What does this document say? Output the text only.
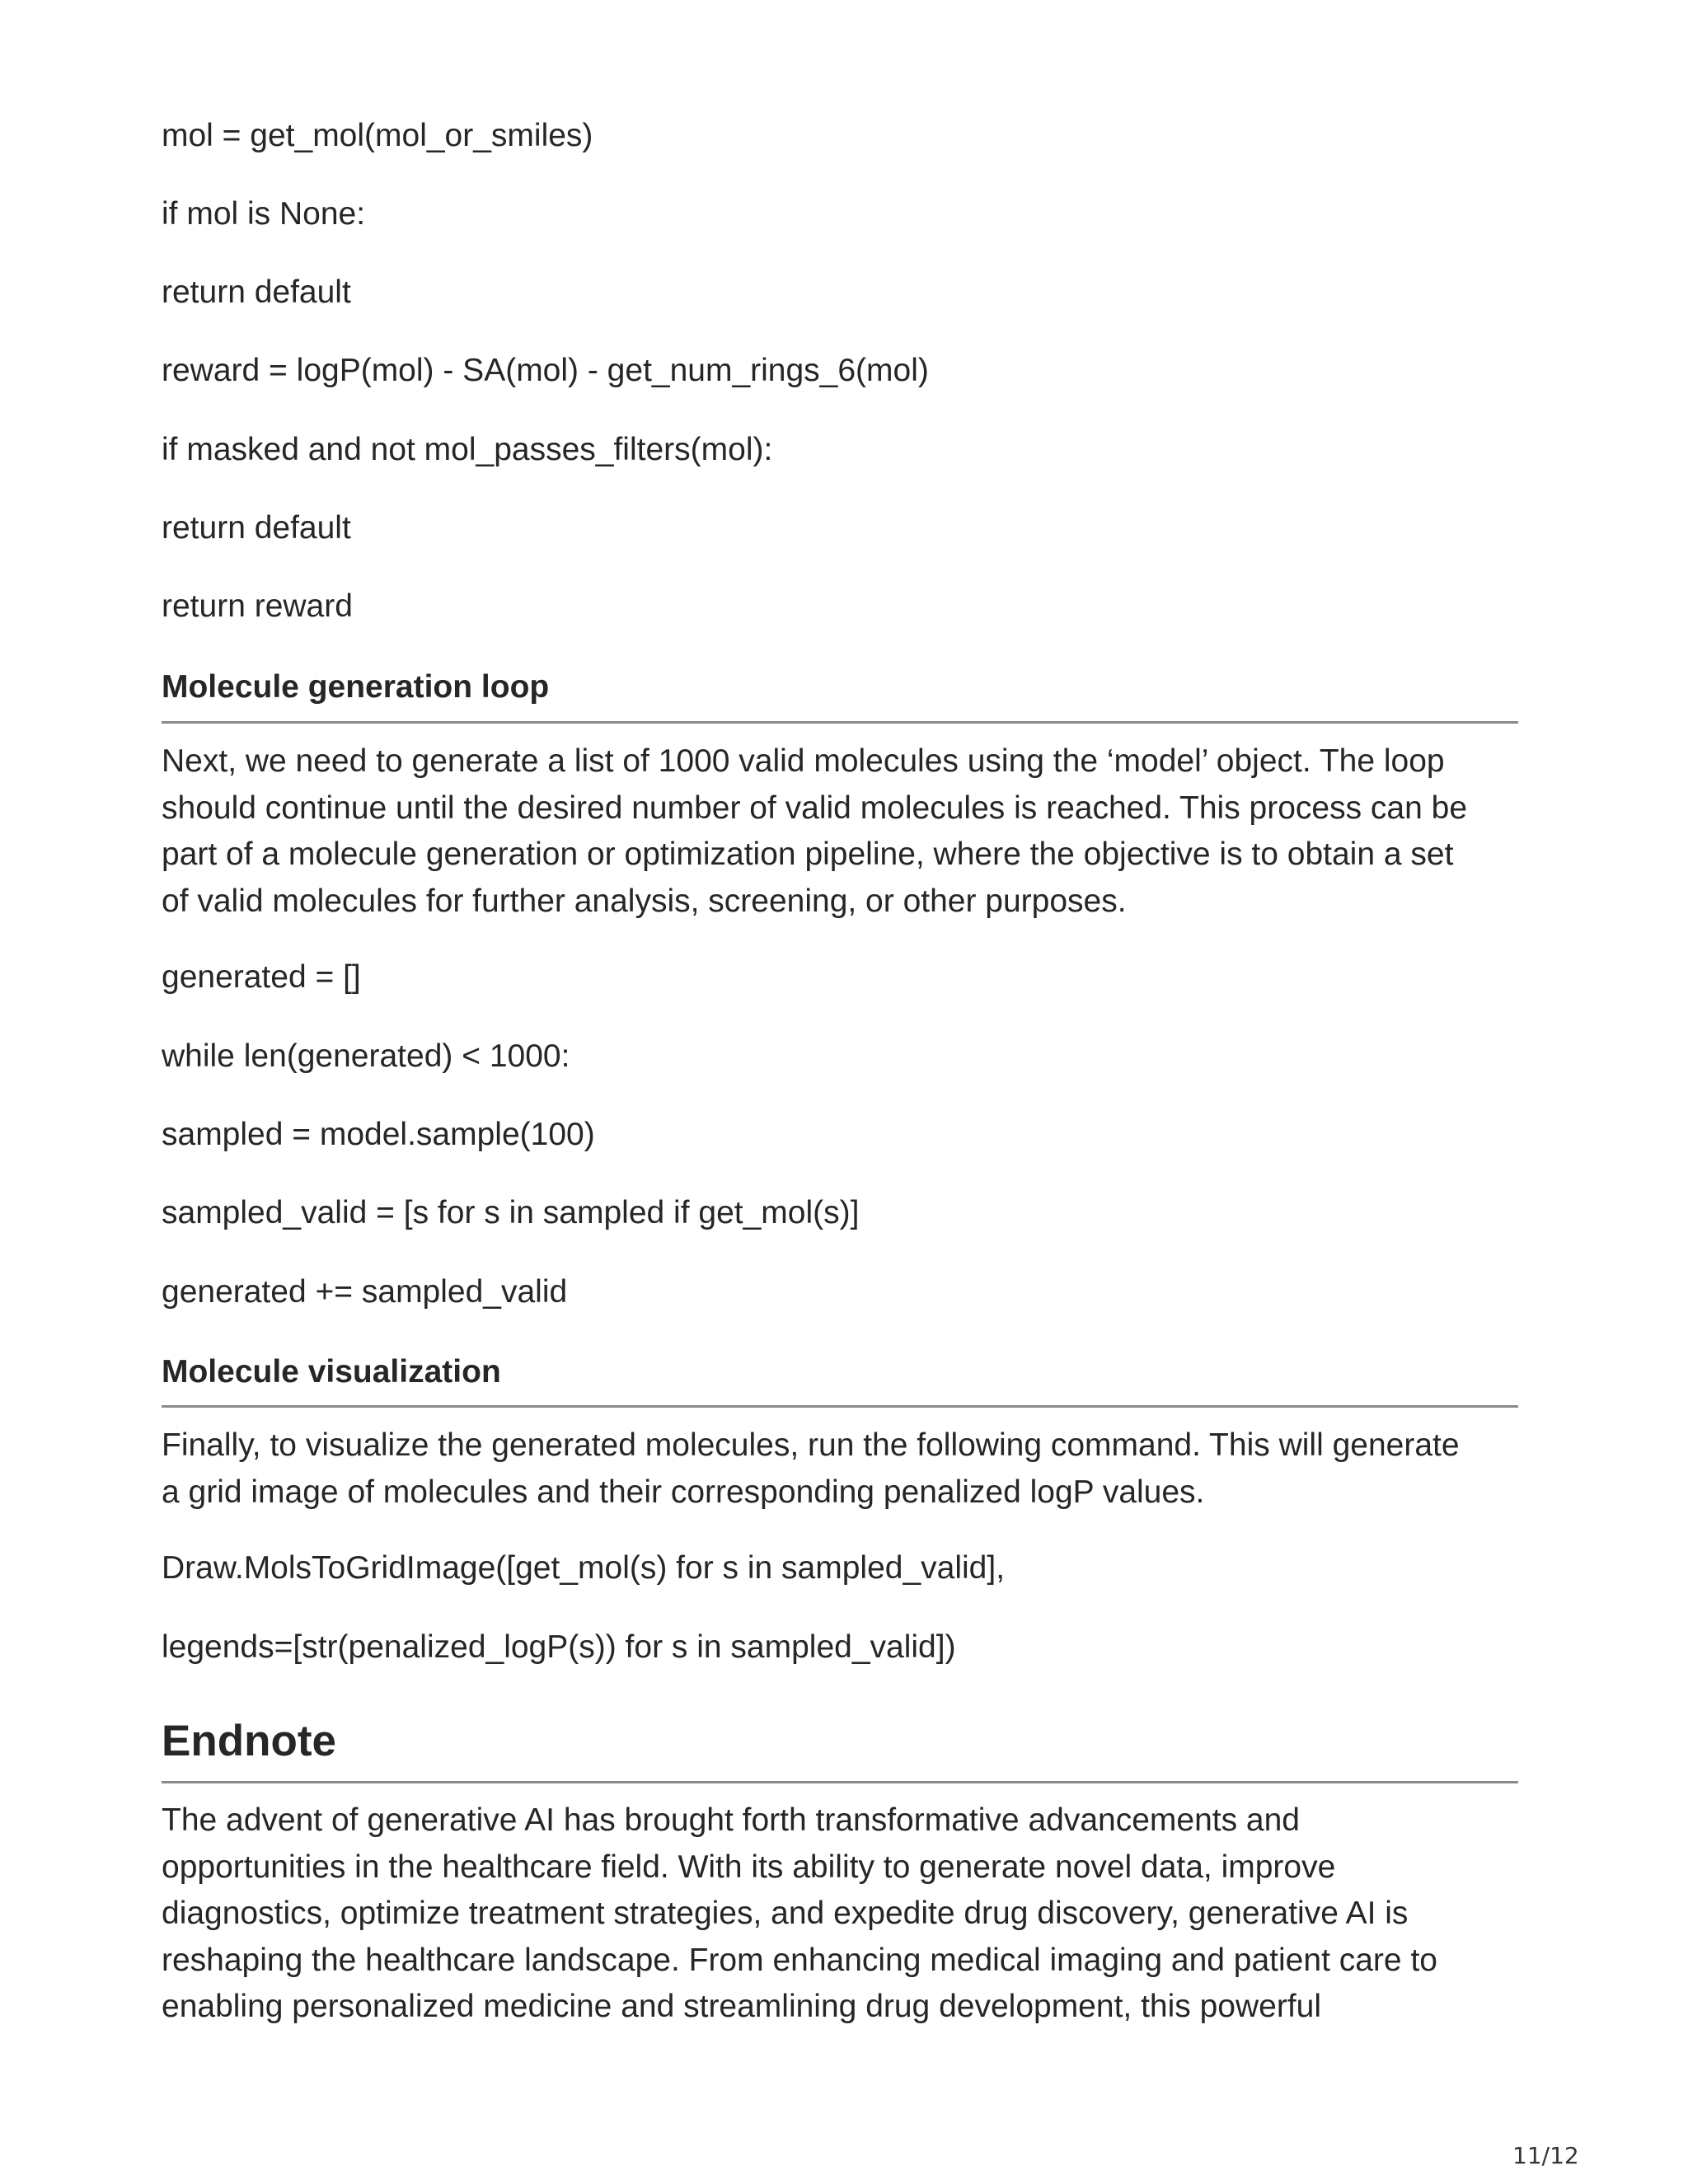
mol = get_mol(mol_or_smiles)
if mol is None:
return default
reward = logP(mol) - SA(mol) - get_num_rings_6(mol)
if masked and not mol_passes_filters(mol):
return default
return reward
Molecule generation loop
Next, we need to generate a list of 1000 valid molecules using the ‘model’ object. The loop
should continue until the desired number of valid molecules is reached. This process can be
part of a molecule generation or optimization pipeline, where the objective is to obtain a set
of valid molecules for further analysis, screening, or other purposes.
generated = []
while len(generated) < 1000:
sampled = model.sample(100)
sampled_valid = [s for s in sampled if get_mol(s)]
generated += sampled_valid
Molecule visualization
Finally, to visualize the generated molecules, run the following command. This will generate
a grid image of molecules and their corresponding penalized logP values.
Draw.MolsToGridImage([get_mol(s) for s in sampled_valid],
legends=[str(penalized_logP(s)) for s in sampled_valid])
Endnote
The advent of generative AI has brought forth transformative advancements and
opportunities in the healthcare field. With its ability to generate novel data, improve
diagnostics, optimize treatment strategies, and expedite drug discovery, generative AI is
reshaping the healthcare landscape. From enhancing medical imaging and patient care to
enabling personalized medicine and streamlining drug development, this powerful
11/12
